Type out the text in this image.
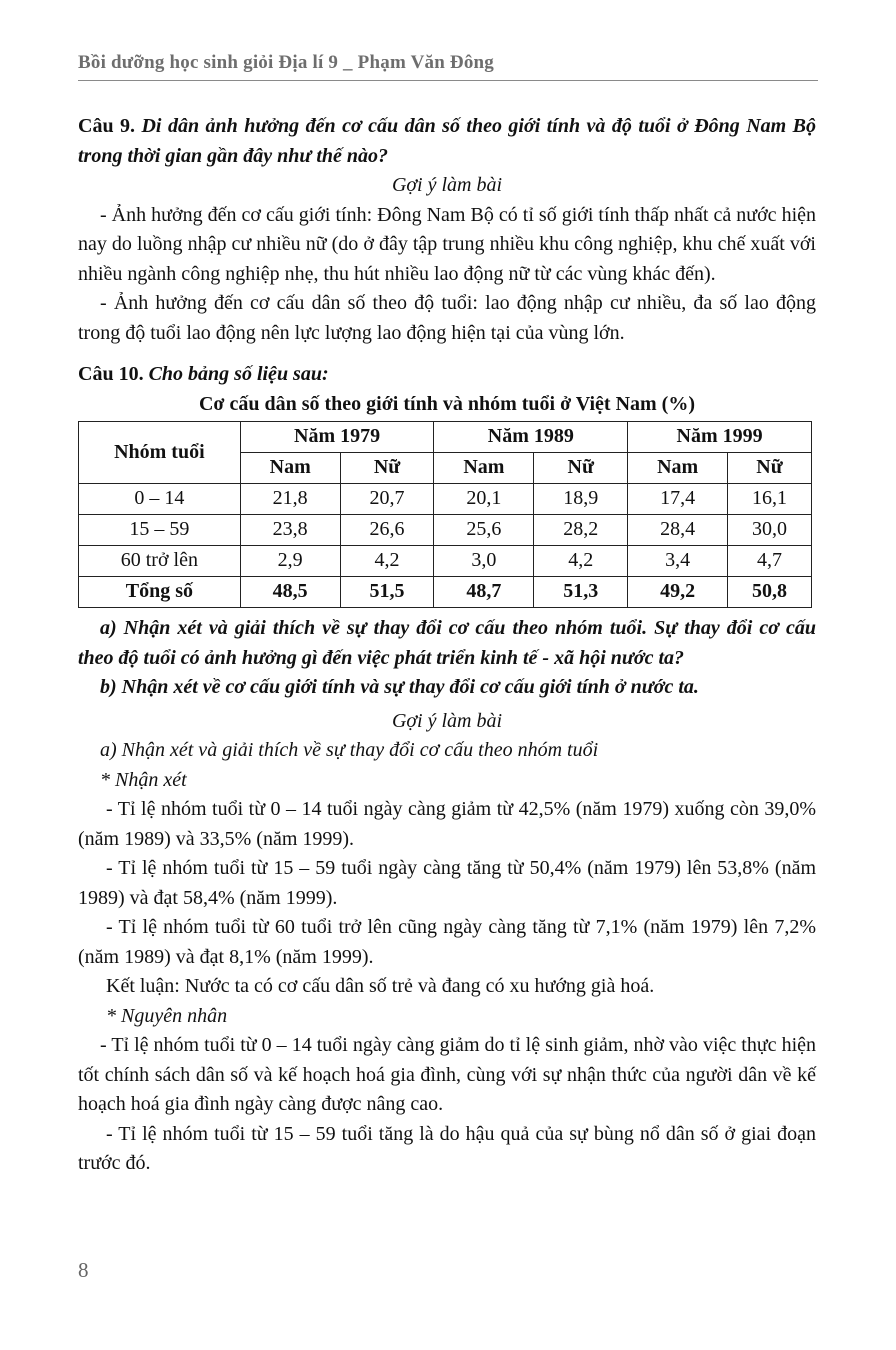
Bồi dưỡng học sinh giỏi Địa lí 9 _ Phạm Văn Đông

Câu 9. Di dân ảnh hưởng đến cơ cấu dân số theo giới tính và độ tuổi ở Đông Nam Bộ trong thời gian gần đây như thế nào?

Gợi ý làm bài

- Ảnh hưởng đến cơ cấu giới tính: Đông Nam Bộ có tỉ số giới tính thấp nhất cả nước hiện nay do luồng nhập cư nhiều nữ (do ở đây tập trung nhiều khu công nghiệp, khu chế xuất với nhiều ngành công nghiệp nhẹ, thu hút nhiều lao động nữ từ các vùng khác đến).

- Ảnh hưởng đến cơ cấu dân số theo độ tuổi: lao động nhập cư nhiều, đa số lao động trong độ tuổi lao động nên lực lượng lao động hiện tại của vùng lớn.

Câu 10. Cho bảng số liệu sau:

Cơ cấu dân số theo giới tính và nhóm tuổi ở Việt Nam (%)

Nhóm tuổi	Năm 1979		Năm 1989		Năm 1999	
	Nam	Nữ	Nam	Nữ	Nam	Nữ
0 – 14	21,8	20,7	20,1	18,9	17,4	16,1
15 – 59	23,8	26,6	25,6	28,2	28,4	30,0
60 trở lên	2,9	4,2	3,0	4,2	3,4	4,7
Tổng số	48,5	51,5	48,7	51,3	49,2	50,8

a) Nhận xét và giải thích về sự thay đổi cơ cấu theo nhóm tuổi. Sự thay đổi cơ cấu theo độ tuổi có ảnh hưởng gì đến việc phát triển kinh tế - xã hội nước ta?

b) Nhận xét về cơ cấu giới tính và sự thay đổi cơ cấu giới tính ở nước ta.

Gợi ý làm bài

a) Nhận xét và giải thích về sự thay đổi cơ cấu theo nhóm tuổi

* Nhận xét

- Tỉ lệ nhóm tuổi từ 0 – 14 tuổi ngày càng giảm từ 42,5% (năm 1979) xuống còn 39,0% (năm 1989) và 33,5% (năm 1999).

- Tỉ lệ nhóm tuổi từ 15 – 59 tuổi ngày càng tăng từ 50,4% (năm 1979) lên 53,8% (năm 1989) và đạt 58,4% (năm 1999).

- Tỉ lệ nhóm tuổi từ 60 tuổi trở lên cũng ngày càng tăng từ 7,1% (năm 1979) lên 7,2% (năm 1989) và đạt 8,1% (năm 1999).

Kết luận: Nước ta có cơ cấu dân số trẻ và đang có xu hướng già hoá.

* Nguyên nhân

- Tỉ lệ nhóm tuổi từ 0 – 14 tuổi ngày càng giảm do tỉ lệ sinh giảm, nhờ vào việc thực hiện tốt chính sách dân số và kế hoạch hoá gia đình, cùng với sự nhận thức của người dân về kế hoạch hoá gia đình ngày càng được nâng cao.

- Tỉ lệ nhóm tuổi từ 15 – 59 tuổi tăng là do hậu quả của sự bùng nổ dân số ở giai đoạn trước đó.

8
